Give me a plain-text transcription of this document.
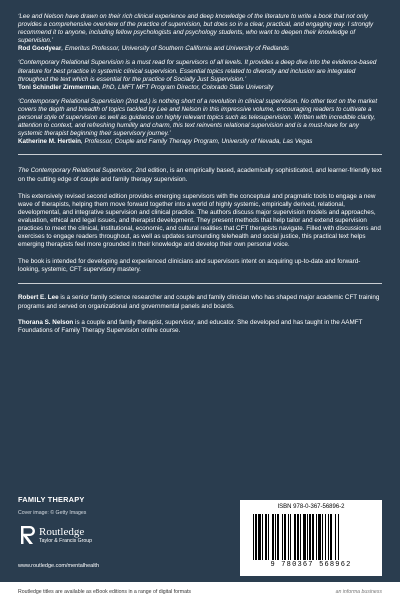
‘Lee and Nelson have drawn on their rich clinical experience and deep knowledge of the literature to write a book that not only provides a comprehensive overview of the practice of supervision, but does so in a clear, practical, and engaging way. I strongly recommend it to anyone, including fellow psychologists and psychology students, who want to deepen their knowledge of supervision.’
Rod Goodyear, Emeritus Professor, University of Southern California and University of Redlands
‘Contemporary Relational Supervision is a must read for supervisors of all levels. It provides a deep dive into the evidence-based literature for best practice in systemic clinical supervision. Essential topics related to diversity and inclusion are integrated throughout the text which is essential for the practice of Socially Just Supervision.’
Toni Schindler Zimmerman, PhD, LMFT MFT Program Director, Colorado State University
‘Contemporary Relational Supervision (2nd ed.) is nothing short of a revolution in clinical supervision. No other text on the market covers the depth and breadth of topics tackled by Lee and Nelson in this impressive volume, encouraging readers to cultivate a personal style of supervision as well as guidance on highly relevant topics such as telesupervision. Written with incredible clarity, attention to context, and refreshing humility and charm, this text reinvents relational supervision and is a must-have for any systemic therapist beginning their supervisory journey.’
Katherine M. Hertlein, Professor, Couple and Family Therapy Program, University of Nevada, Las Vegas

The Contemporary Relational Supervisor, 2nd edition, is an empirically based, academically sophisticated, and learner-friendly text on the cutting edge of couple and family therapy supervision.

This extensively revised second edition provides emerging supervisors with the conceptual and pragmatic tools to engage a new wave of therapists, helping them move forward together into a world of highly systemic, empirically derived, relational, developmental, and integrative supervision and clinical practice. The authors discuss major supervision models and approaches, evaluation, ethical and legal issues, and therapist development. They present methods that help tailor and extend supervision practices to meet the clinical, institutional, economic, and cultural realities that CFT therapists navigate. Filled with discussions and exercises to engage readers throughout, as well as updates surrounding telehealth and social justice, this practical text helps emerging therapists feel more grounded in their knowledge and develop their own personal voice.

The book is intended for developing and experienced clinicians and supervisors intent on acquiring up-to-date and forward-looking, systemic, CFT supervisory mastery.

Robert E. Lee is a senior family science researcher and couple and family clinician who has shaped major academic CFT training programs and served on organizational and governmental panels and boards.

Thorana S. Nelson is a couple and family therapist, supervisor, and educator. She developed and has taught in the AAMFT Foundations of Family Therapy Supervision online course.

FAMILY THERAPY
Cover image: © Getty Images
Routledge
Taylor & Francis Group
www.routledge.com/mentalhealth
ISBN 978-0-367-56896-2
9 780367 568962
Routledge titles are available as eBook editions in a range of digital formats	an informa business
